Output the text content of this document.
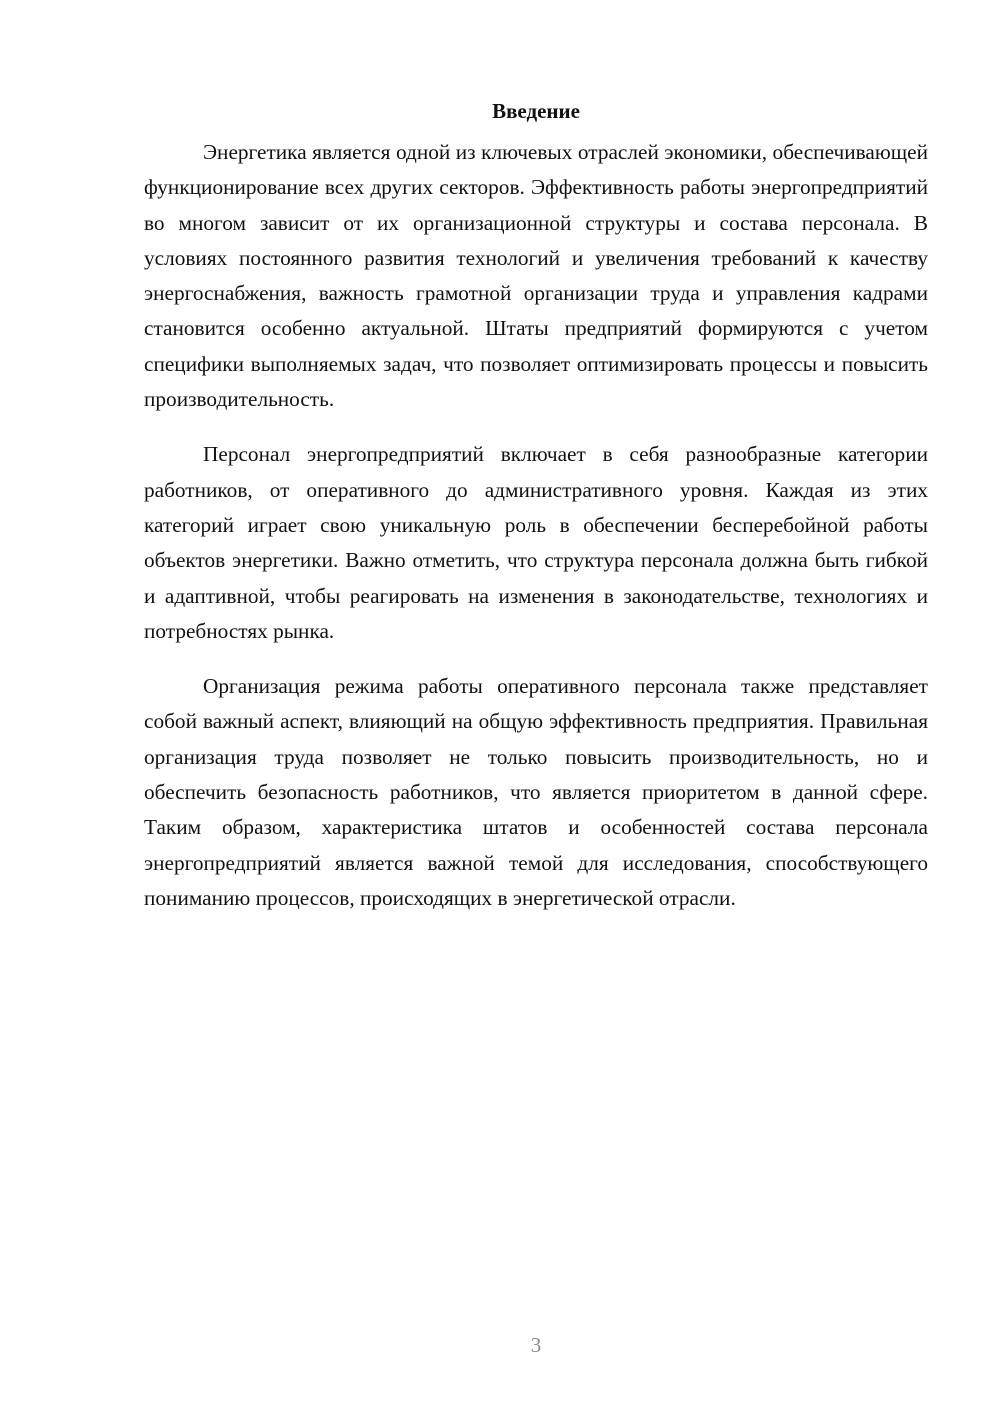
Введение

Энергетика является одной из ключевых отраслей экономики, обеспечивающей функционирование всех других секторов. Эффективность работы энергопредприятий во многом зависит от их организационной структуры и состава персонала. В условиях постоянного развития технологий и увеличения требований к качеству энергоснабжения, важность грамотной организации труда и управления кадрами становится особенно актуальной. Штаты предприятий формируются с учетом специфики выполняемых задач, что позволяет оптимизировать процессы и повысить производительность.

Персонал энергопредприятий включает в себя разнообразные категории работников, от оперативного до административного уровня. Каждая из этих категорий играет свою уникальную роль в обеспечении бесперебойной работы объектов энергетики. Важно отметить, что структура персонала должна быть гибкой и адаптивной, чтобы реагировать на изменения в законодательстве, технологиях и потребностях рынка.

Организация режима работы оперативного персонала также представляет собой важный аспект, влияющий на общую эффективность предприятия. Правильная организация труда позволяет не только повысить производительность, но и обеспечить безопасность работников, что является приоритетом в данной сфере. Таким образом, характеристика штатов и особенностей состава персонала энергопредприятий является важной темой для исследования, способствующего пониманию процессов, происходящих в энергетической отрасли.

3
